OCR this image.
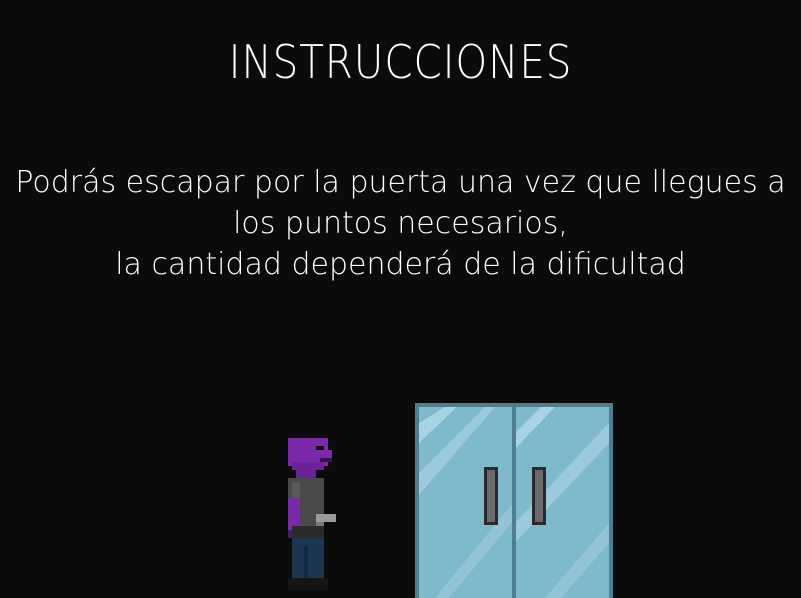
INSTRUCCIONES
Podrás escapar por la puerta una vez que llegues a
los puntos necesarios,
la cantidad dependerá de la dificultad
